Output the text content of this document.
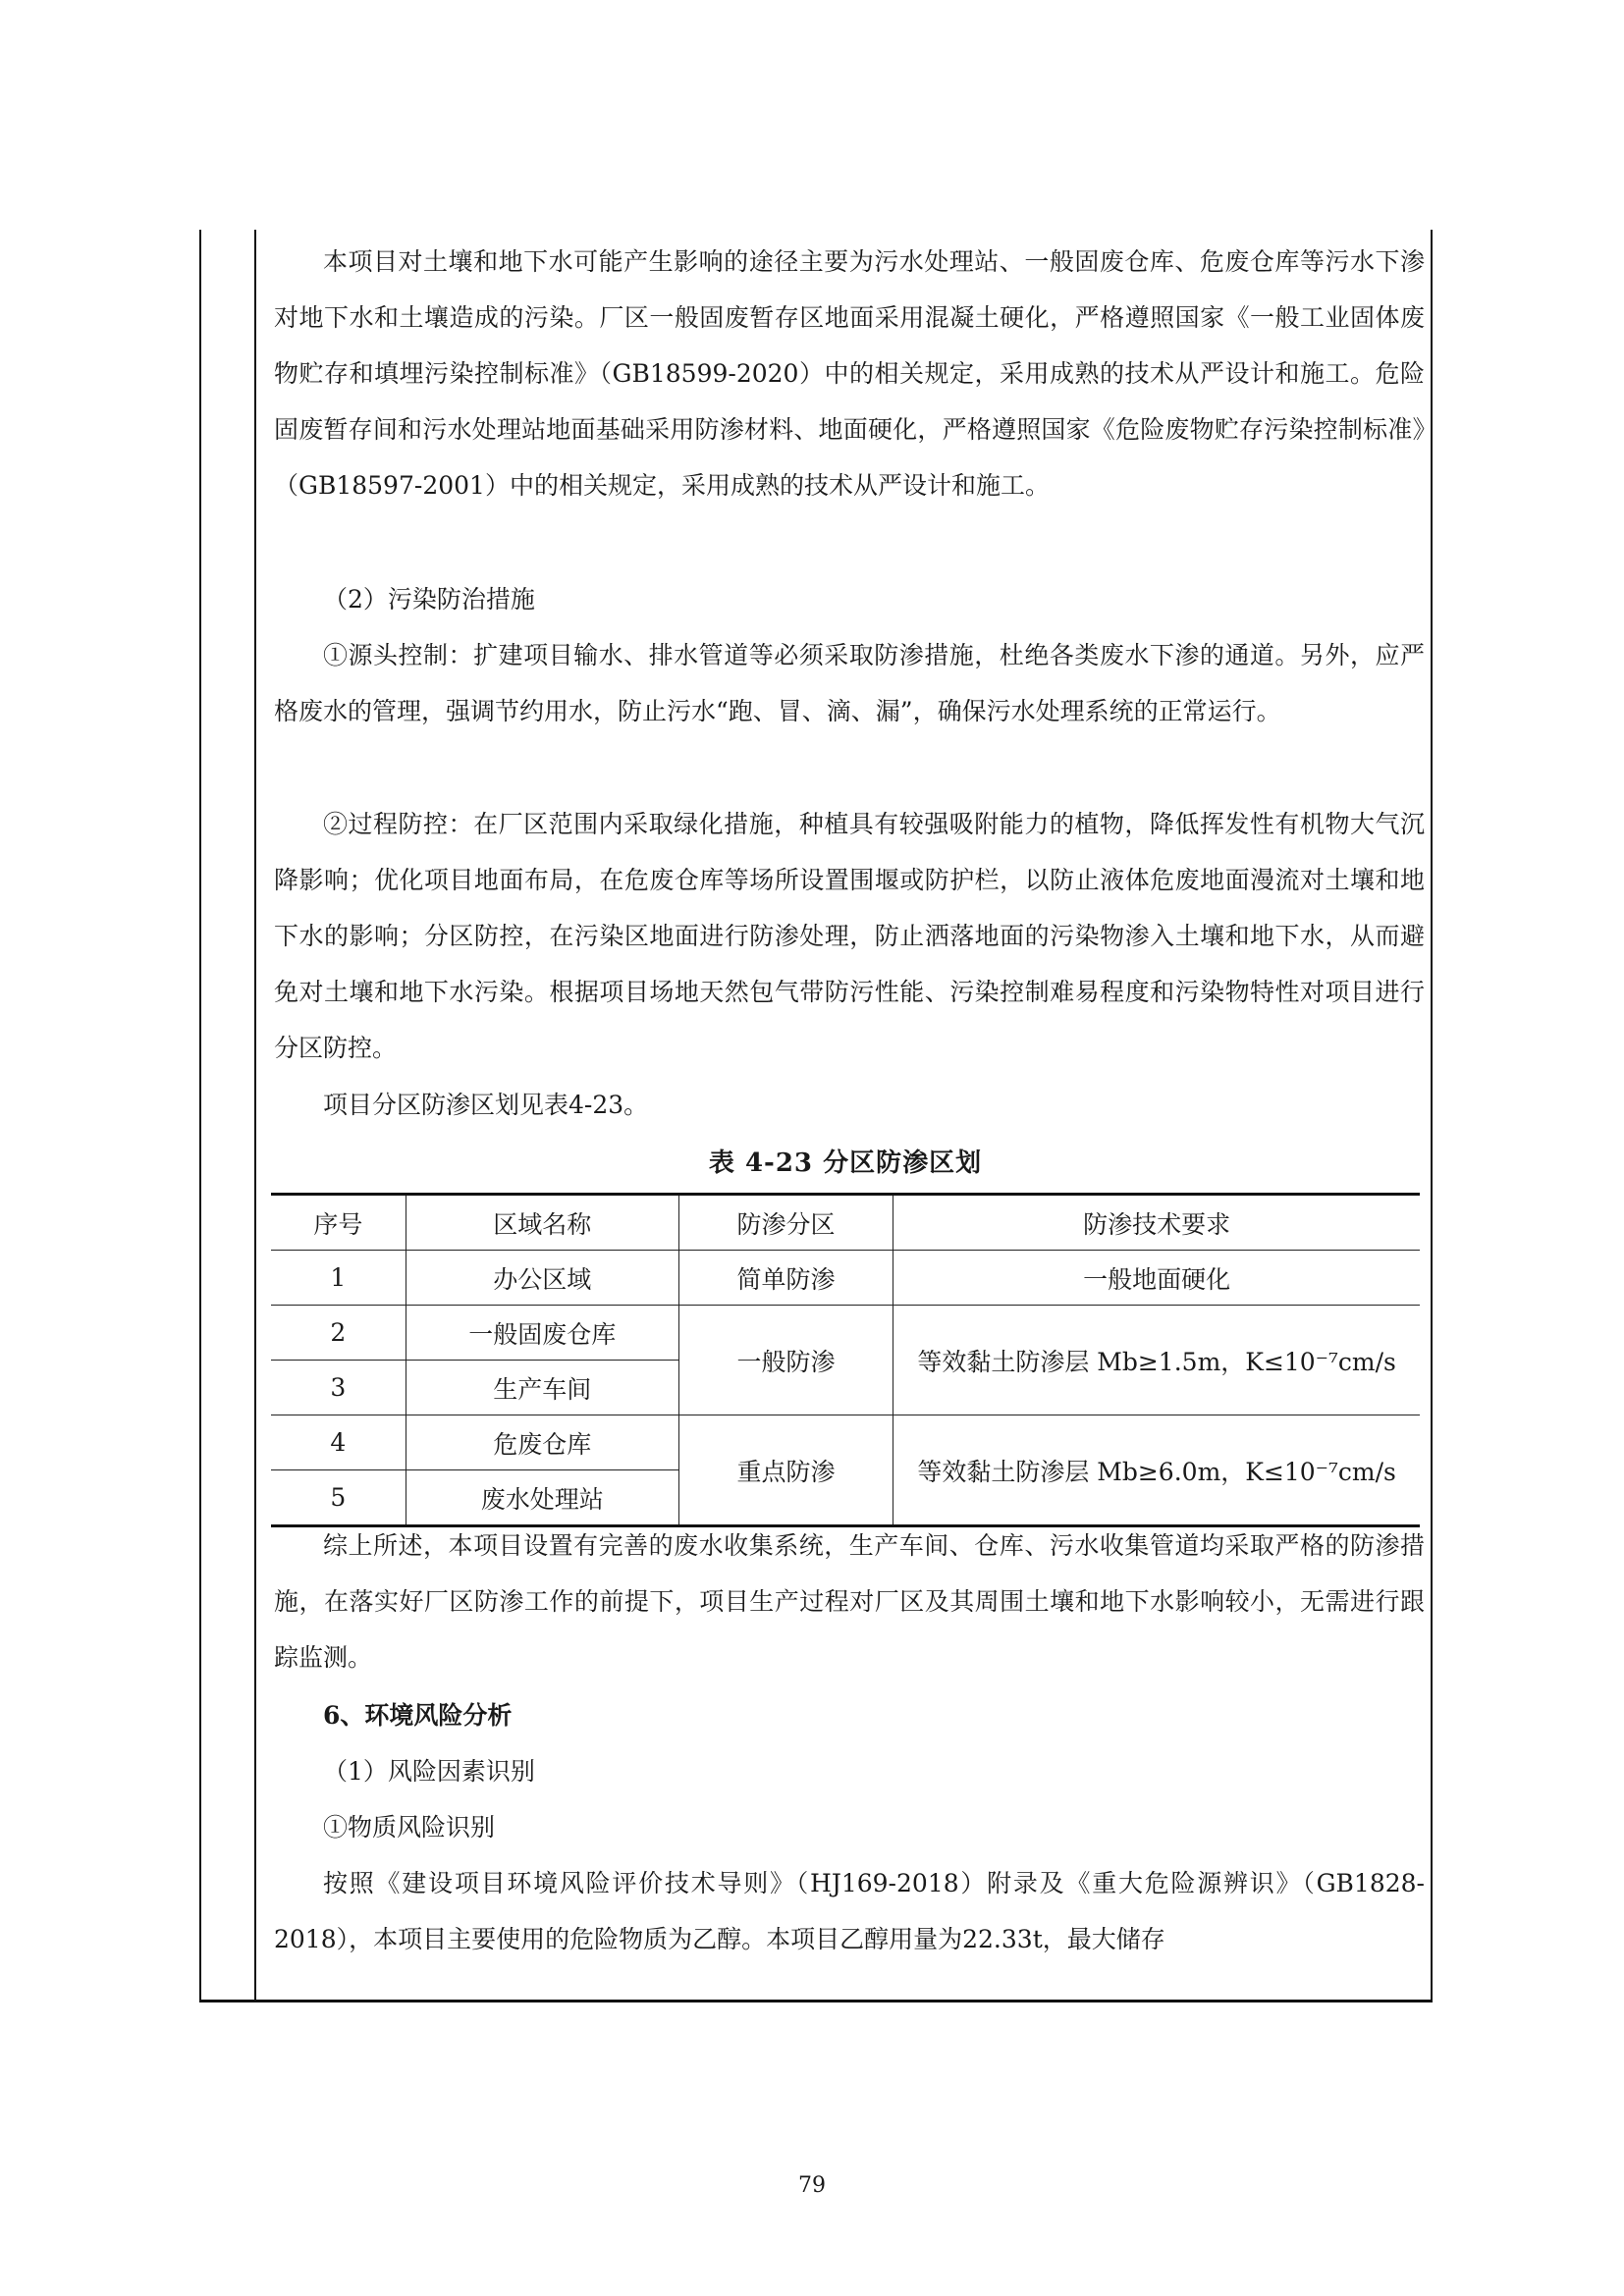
本项目对土壤和地下水可能产生影响的途径主要为污水处理站、一般固废仓库、危废仓库等污水下渗对地下水和土壤造成的污染。厂区一般固废暂存区地面采用混凝土硬化，严格遵照国家《一般工业固体废物贮存和填埋污染控制标准》（GB18599-2020）中的相关规定，采用成熟的技术从严设计和施工。危险固废暂存间和污水处理站地面基础采用防渗材料、地面硬化，严格遵照国家《危险废物贮存污染控制标准》（GB18597-2001）中的相关规定，采用成熟的技术从严设计和施工。

（2）污染防治措施

①源头控制：扩建项目输水、排水管道等必须采取防渗措施，杜绝各类废水下渗的通道。另外，应严格废水的管理，强调节约用水，防止污水“跑、冒、滴、漏”，确保污水处理系统的正常运行。

②过程防控：在厂区范围内采取绿化措施，种植具有较强吸附能力的植物，降低挥发性有机物大气沉降影响；优化项目地面布局，在危废仓库等场所设置围堰或防护栏，以防止液体危废地面漫流对土壤和地下水的影响；分区防控，在污染区地面进行防渗处理，防止洒落地面的污染物渗入土壤和地下水，从而避免对土壤和地下水污染。根据项目场地天然包气带防污性能、污染控制难易程度和污染物特性对项目进行分区防控。

项目分区防渗区划见表4-23。

表 4-23 分区防渗区划
序号	区域名称	防渗分区	防渗技术要求
1	办公区域	简单防渗	一般地面硬化
2	一般固废仓库	一般防渗	等效黏土防渗层 Mb≥1.5m，K≤10⁻⁷cm/s
3	生产车间		
4	危废仓库	重点防渗	等效黏土防渗层 Mb≥6.0m，K≤10⁻⁷cm/s
5	废水处理站		

综上所述，本项目设置有完善的废水收集系统，生产车间、仓库、污水收集管道均采取严格的防渗措施，在落实好厂区防渗工作的前提下，项目生产过程对厂区及其周围土壤和地下水影响较小，无需进行跟踪监测。

6、环境风险分析

（1）风险因素识别

①物质风险识别

按照《建设项目环境风险评价技术导则》（HJ169-2018）附录及《重大危险源辨识》（GB1828-2018），本项目主要使用的危险物质为乙醇。本项目乙醇用量为22.33t，最大储存

79
